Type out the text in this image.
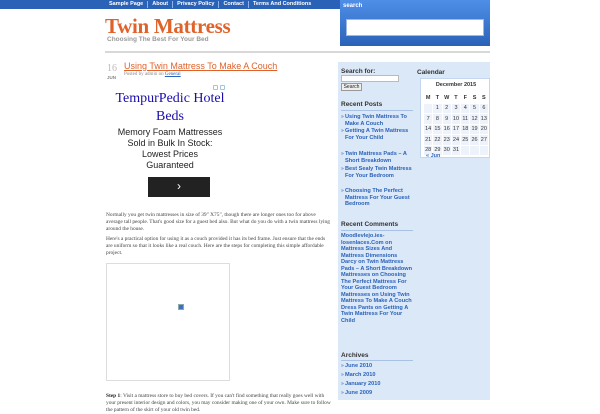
Sample Page	About	Privacy Policy	Contact	Terms And Conditions	search
Twin Mattress
Choosing The Best For Your Bed
16
JUN
Using Twin Mattress To Make A Couch
Posted by admin on General
TempurPedic Hotel Beds
Memory Foam Mattresses Sold in Bulk In Stock: Lowest Prices Guaranteed
›
Normally you get twin mattresses in size of 39" X75", though there are longer ones too for above average tall people. That's good size for a guest bed also. But what do you do with a twin mattress lying around the house.
Here's a practical option for using it as a couch provided it has its bed frame. Just ensure that the ends are uniform so that it looks like a real couch. Here are the steps for completing this simple affordable project.
Step 1: Visit a mattress store to buy bed covers. If you can't find something that really goes well with your present interior design and colors, you may consider making one of your own. Make sure to follow the pattern of the skirt of your old twin bed.
Search for:
Search
Recent Posts
» Using Twin Mattress To Make A Couch
» Getting A Twin Mattress For Your Child
» Twin Mattress Pads – A Short Breakdown
» Best Sealy Twin Mattress For Your Bedroom
» Choosing The Perfect Mattress For Your Guest Bedroom
Recent Comments
Moodlevlejo.ies-losenlaces.Com on Mattress Sizes And Mattress Dimensions Darcy on Twin Mattress Pads – A Short Breakdown Mattresses on Choosing The Perfect Mattress For Your Guest Bedroom Mattresses on Using Twin Mattress To Make A Couch Dress Pants on Getting A Twin Mattress For Your Child
Archives
» June 2010
» March 2010
» January 2010
» June 2009
Calendar
December 2015
M	T	W	T	F	S	S
	1	2	3	4	5	6
7	8	9	10	11	12	13
14	15	16	17	18	19	20
21	22	23	24	25	26	27
28	29	30	31			
« Jun
